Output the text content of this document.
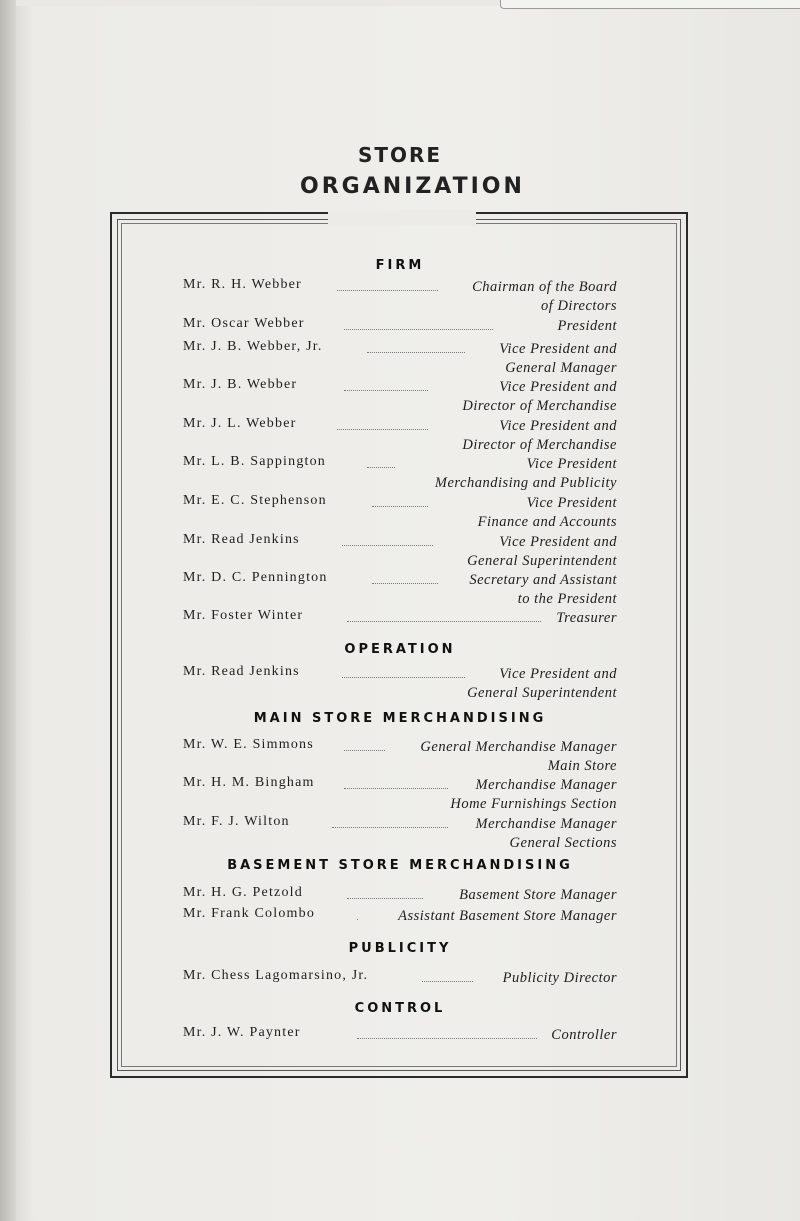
STORE
ORGANIZATION
FIRM
Mr. R. H. Webber	Chairman of the Board
of Directors
Mr. Oscar Webber	President
Mr. J. B. Webber, Jr.	Vice President and
General Manager
Mr. J. B. Webber	Vice President and
Director of Merchandise
Mr. J. L. Webber	Vice President and
Director of Merchandise
Mr. L. B. Sappington	Vice President
Merchandising and Publicity
Mr. E. C. Stephenson	Vice President
Finance and Accounts
Mr. Read Jenkins	Vice President and
General Superintendent
Mr. D. C. Pennington	Secretary and Assistant
to the President
Mr. Foster Winter	Treasurer
OPERATION
Mr. Read Jenkins	Vice President and
General Superintendent
MAIN STORE MERCHANDISING
Mr. W. E. Simmons	General Merchandise Manager
Main Store
Mr. H. M. Bingham	Merchandise Manager
Home Furnishings Section
Mr. F. J. Wilton	Merchandise Manager
General Sections
BASEMENT STORE MERCHANDISING
Mr. H. G. Petzold	Basement Store Manager
Mr. Frank Colombo	Assistant Basement Store Manager
PUBLICITY
Mr. Chess Lagomarsino, Jr.	Publicity Director
CONTROL
Mr. J. W. Paynter	Controller
